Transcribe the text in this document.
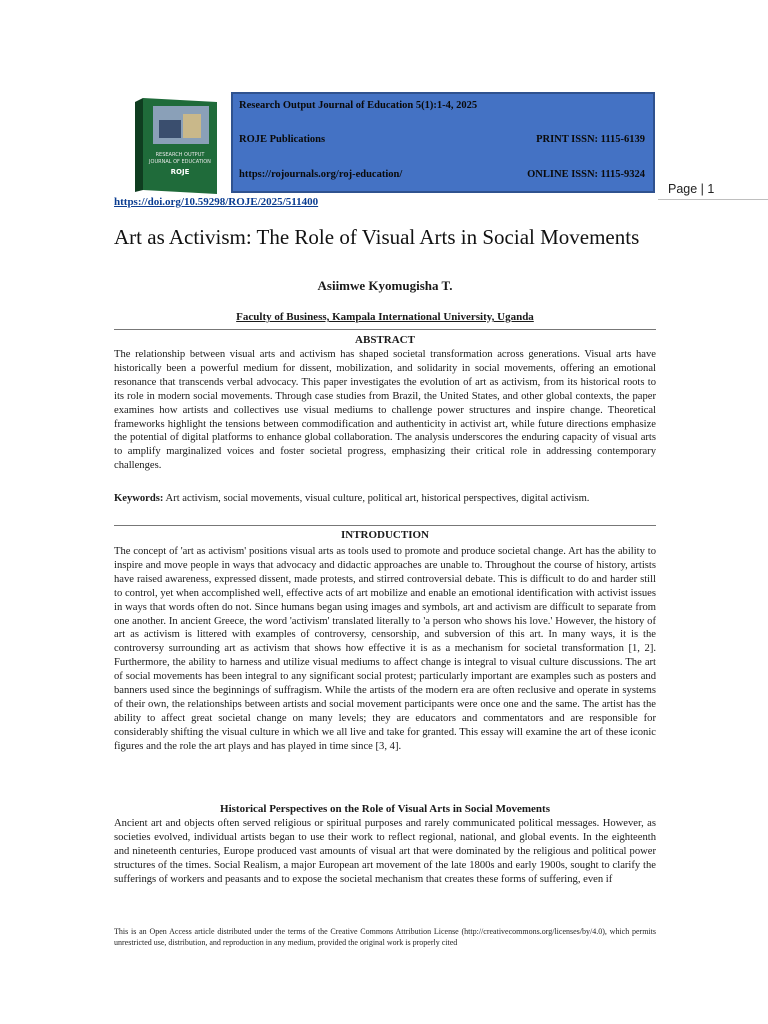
RESEARCH OUTPUT
JOURNAL OF EDUCATION
ROJE
Research Output Journal of Education 5(1):1-4, 2025
ROJE Publications	PRINT ISSN: 1115-6139
https://rojournals.org/roj-education/	ONLINE ISSN: 1115-9324
Page | 1
https://doi.org/10.59298/ROJE/2025/511400
Art as Activism: The Role of Visual Arts in Social Movements
Asiimwe Kyomugisha T.
Faculty of Business, Kampala International University, Uganda
ABSTRACT

The relationship between visual arts and activism has shaped societal transformation across generations. Visual arts have historically been a powerful medium for dissent, mobilization, and solidarity in social movements, offering an emotional resonance that transcends verbal advocacy. This paper investigates the evolution of art as activism, from its historical roots to its role in modern social movements. Through case studies from Brazil, the United States, and other global contexts, the paper examines how artists and collectives use visual mediums to challenge power structures and inspire change. Theoretical frameworks highlight the tensions between commodification and authenticity in activist art, while future directions emphasize the potential of digital platforms to enhance global collaboration. The analysis underscores the enduring capacity of visual arts to amplify marginalized voices and foster societal progress, emphasizing their critical role in addressing contemporary challenges.

Keywords: Art activism, social movements, visual culture, political art, historical perspectives, digital activism.

INTRODUCTION

The concept of 'art as activism' positions visual arts as tools used to promote and produce societal change. Art has the ability to inspire and move people in ways that advocacy and didactic approaches are unable to. Throughout the course of history, artists have raised awareness, expressed dissent, made protests, and stirred controversial debate. This is difficult to do and harder still to control, yet when accomplished well, effective acts of art mobilize and enable an emotional identification with activist issues in ways that words often do not. Since humans began using images and symbols, art and activism are difficult to separate from one another. In ancient Greece, the word 'activism' translated literally to 'a person who shows his love.' However, the history of art as activism is littered with examples of controversy, censorship, and subversion of this art. In many ways, it is the controversy surrounding art as activism that shows how effective it is as a mechanism for societal transformation [1, 2]. Furthermore, the ability to harness and utilize visual mediums to affect change is integral to visual culture discussions. The art of social movements has been integral to any significant social protest; particularly important are examples such as posters and banners used since the beginnings of suffragism. While the artists of the modern era are often reclusive and operate in systems of their own, the relationships between artists and social movement participants were once one and the same. The artist has the ability to affect great societal change on many levels; they are educators and commentators and are responsible for considerably shifting the visual culture in which we all live and take for granted. This essay will examine the art of these iconic figures and the role the art plays and has played in time since [3, 4].

Historical Perspectives on the Role of Visual Arts in Social Movements

Ancient art and objects often served religious or spiritual purposes and rarely communicated political messages. However, as societies evolved, individual artists began to use their work to reflect regional, national, and global events. In the eighteenth and nineteenth centuries, Europe produced vast amounts of visual art that were dominated by the religious and political power structures of the times. Social Realism, a major European art movement of the late 1800s and early 1900s, sought to clarify the sufferings of workers and peasants and to expose the societal mechanism that creates these forms of suffering, even if

This is an Open Access article distributed under the terms of the Creative Commons Attribution License (http://creativecommons.org/licenses/by/4.0), which permits unrestricted use, distribution, and reproduction in any medium, provided the original work is properly cited
